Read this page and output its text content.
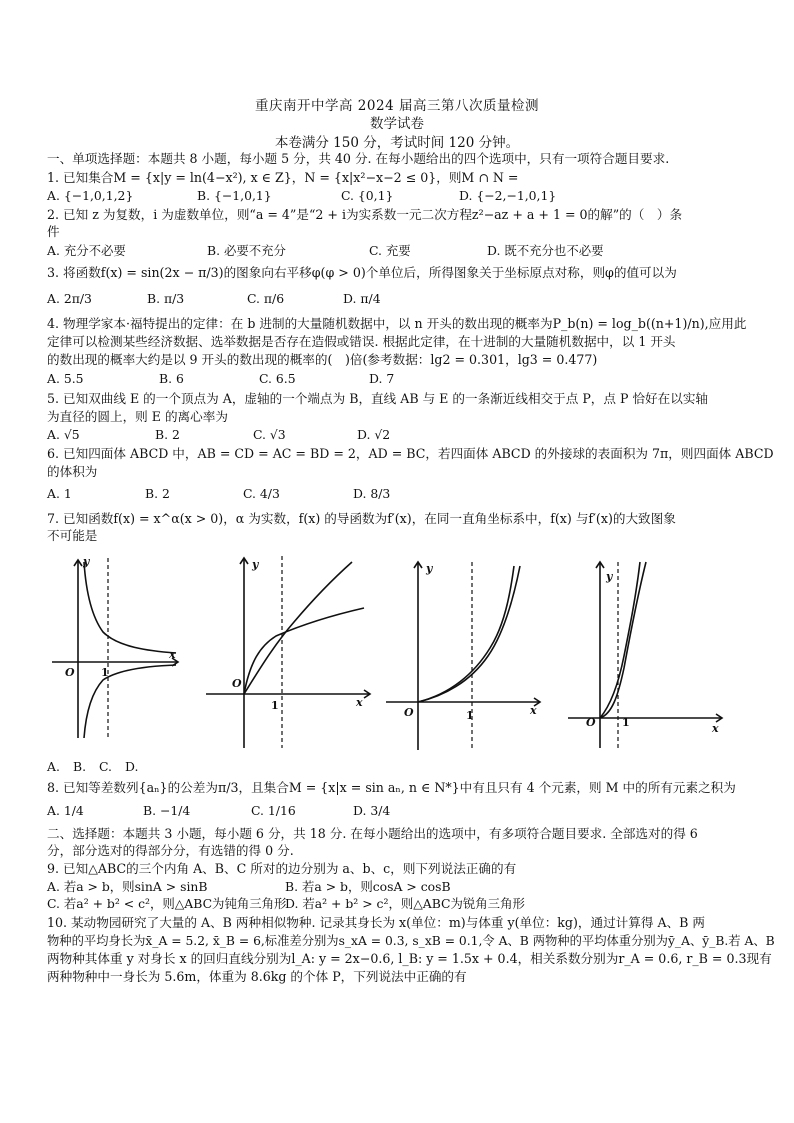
重庆南开中学高 2024 届高三第八次质量检测
数学试卷
本卷满分 150 分，考试时间 120 分钟。
一、单项选择题：本题共 8 小题，每小题 5 分，共 40 分. 在每小题给出的四个选项中，只有一项符合题目要求.
1. 已知集合M = {x|y = ln(4−x²), x ∈ Z}，N = {x|x²−x−2 ≤ 0}，则M ∩ N =
A. {−1,0,1,2}	B. {−1,0,1}	C. {0,1}	D. {−2,−1,0,1}
2. 已知 z 为复数，i 为虚数单位，则“a = 4”是“2 + i为实系数一元二次方程z²−az + a + 1 = 0的解”的（　）条
件
A. 充分不必要	B. 必要不充分	C. 充要	D. 既不充分也不必要
3. 将函数f(x) = sin(2x − π/3)的图象向右平移φ(φ > 0)个单位后，所得图象关于坐标原点对称，则φ的值可以为
A. 2π/3	B. π/3	C. π/6	D. π/4
4. 物理学家本·福特提出的定律：在 b 进制的大量随机数据中，以 n 开头的数出现的概率为P_b(n) = log_b((n+1)/n),应用此
定律可以检测某些经济数据、选举数据是否存在造假或错误. 根据此定律，在十进制的大量随机数据中，以 1 开头
的数出现的概率大约是以 9 开头的数出现的概率的(　)倍(参考数据：lg2 = 0.301，lg3 = 0.477)
A. 5.5	B. 6	C. 6.5	D. 7
5. 已知双曲线 E 的一个顶点为 A，虚轴的一个端点为 B，直线 AB 与 E 的一条渐近线相交于点 P，点 P 恰好在以实轴
为直径的圆上，则 E 的离心率为
A. √5	B. 2	C. √3	D. √2
6. 已知四面体 ABCD 中，AB = CD = AC = BD = 2，AD = BC，若四面体 ABCD 的外接球的表面积为 7π，则四面体 ABCD
的体积为
A. 1	B. 2	C. 4/3	D. 8/3
7. 已知函数f(x) = x^α(x > 0)，α 为实数，f(x) 的导函数为f′(x)，在同一直角坐标系中，f(x) 与f′(x)的大致图象
不可能是
y
x
O 1
y
x
O
1
y
x
O	1
y
x
O 1
A. B. C. D.
8. 已知等差数列{aₙ}的公差为π/3，且集合M = {x|x = sin aₙ, n ∈ N*}中有且只有 4 个元素，则 M 中的所有元素之积为
A. 1/4	B. −1/4	C. 1/16	D. 3/4
二、选择题：本题共 3 小题，每小题 6 分，共 18 分. 在每小题给出的选项中，有多项符合题目要求. 全部选对的得 6
分，部分选对的得部分分，有选错的得 0 分.
9. 已知△ABC的三个内角 A、B、C 所对的边分别为 a、b、c，则下列说法正确的有
A. 若a > b，则sinA > sinB	B. 若a > b，则cosA > cosB
C. 若a² + b² < c²，则△ABC为钝角三角形
D. 若a² + b² > c²，则△ABC为锐角三角形
10. 某动物园研究了大量的 A、B 两种相似物种. 记录其身长为 x(单位：m)与体重 y(单位：kg)，通过计算得 A、B 两
物种的平均身长为x̄_A = 5.2, x̄_B = 6,标准差分别为s_xA = 0.3, s_xB = 0.1,令 A、B 两物种的平均体重分别为ȳ_A、ȳ_B.若 A、B
两物种其体重 y 对身长 x 的回归直线分别为l_A: y = 2x−0.6, l_B: y = 1.5x + 0.4，相关系数分别为r_A = 0.6, r_B = 0.3现有
两种物种中一身长为 5.6m，体重为 8.6kg 的个体 P，下列说法中正确的有
